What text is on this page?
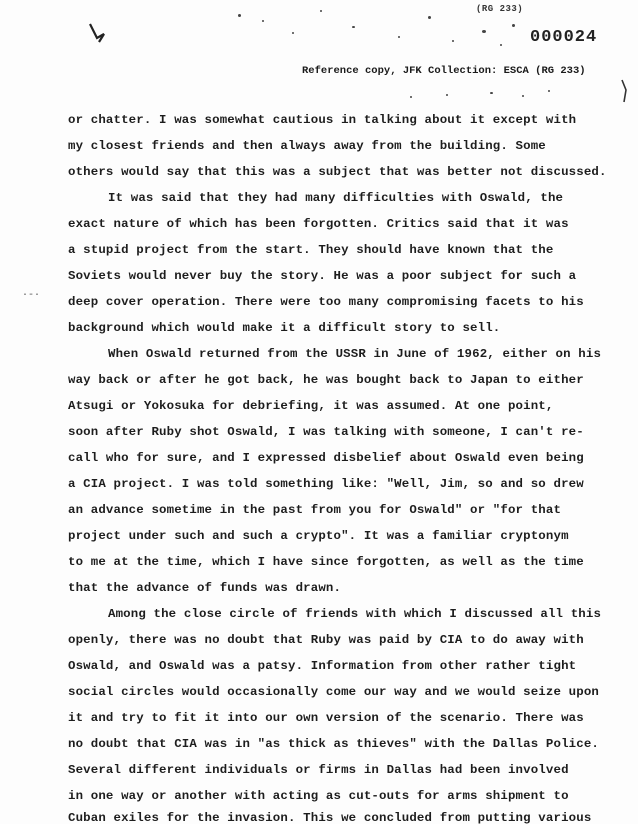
(RG 233)
000024
Reference copy, JFK Collection: ESCA (RG 233)
·-·
or chatter. I was somewhat cautious in talking about it except with
my closest friends and then always away from the building. Some
others would say that this was a subject that was better not discussed.
It was said that they had many difficulties with Oswald, the
exact nature of which has been forgotten. Critics said that it was
a stupid project from the start. They should have known that the
Soviets would never buy the story. He was a poor subject for such a
deep cover operation. There were too many compromising facets to his
background which would make it a difficult story to sell.
When Oswald returned from the USSR in June of 1962, either on his
way back or after he got back, he was bought back to Japan to either
Atsugi or Yokosuka for debriefing, it was assumed. At one point,
soon after Ruby shot Oswald, I was talking with someone, I can't re-
call who for sure, and I expressed disbelief about Oswald even being
a CIA project. I was told something like: "Well, Jim, so and so drew
an advance sometime in the past from you for Oswald" or "for that
project under such and such a crypto". It was a familiar cryptonym
to me at the time, which I have since forgotten, as well as the time
that the advance of funds was drawn.
Among the close circle of friends with which I discussed all this
openly, there was no doubt that Ruby was paid by CIA to do away with
Oswald, and Oswald was a patsy. Information from other rather tight
social circles would occasionally come our way and we would seize upon
it and try to fit it into our own version of the scenario. There was
no doubt that CIA was in "as thick as thieves" with the Dallas Police.
Several different individuals or firms in Dallas had been involved
in one way or another with acting as cut-outs for arms shipment to
Cuban exiles for the invasion. This we concluded from putting various
